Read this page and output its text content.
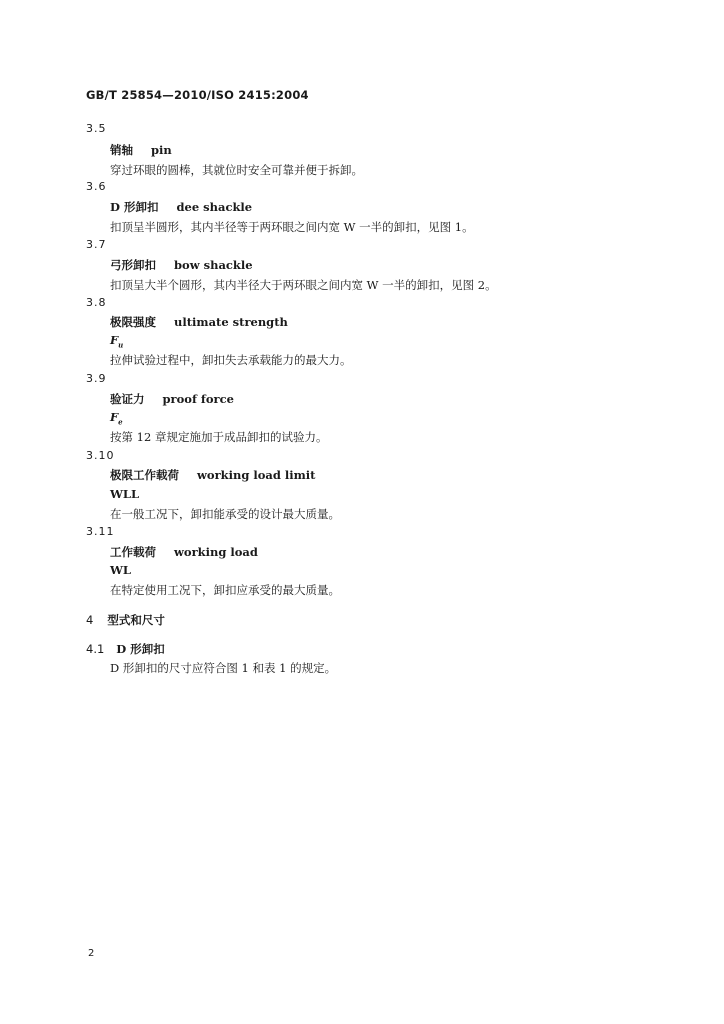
GB/T 25854—2010/ISO 2415:2004
3.5
销轴 pin
穿过环眼的圆棒，其就位时安全可靠并便于拆卸。
3.6
D 形卸扣 dee shackle
扣顶呈半圆形，其内半径等于两环眼之间内宽 W 一半的卸扣，见图 1。
3.7
弓形卸扣 bow shackle
扣顶呈大半个圆形，其内半径大于两环眼之间内宽 W 一半的卸扣，见图 2。
3.8
极限强度 ultimate strength
$F_u$
拉伸试验过程中，卸扣失去承载能力的最大力。
3.9
验证力 proof force
$F_e$
按第 12 章规定施加于成品卸扣的试验力。
3.10
极限工作载荷 working load limit
WLL
在一般工况下，卸扣能承受的设计最大质量。
3.11
工作载荷 working load
WL
在特定使用工况下，卸扣应承受的最大质量。
4 型式和尺寸
4.1 D 形卸扣
D 形卸扣的尺寸应符合图 1 和表 1 的规定。
2
